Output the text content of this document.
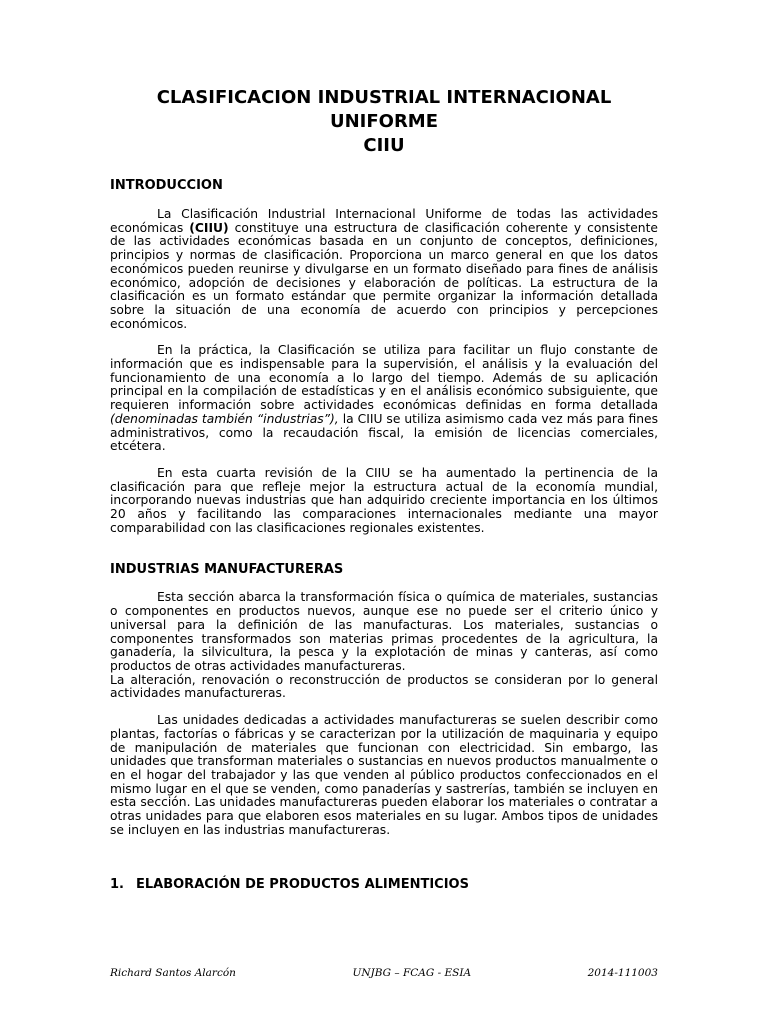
CLASIFICACION INDUSTRIAL INTERNACIONAL
UNIFORME
CIIU
INTRODUCCION

La Clasificación Industrial Internacional Uniforme de todas las actividades económicas (CIIU) constituye una estructura de clasificación coherente y consistente de las actividades económicas basada en un conjunto de conceptos, definiciones, principios y normas de clasificación. Proporciona un marco general en que los datos económicos pueden reunirse y divulgarse en un formato diseñado para fines de análisis económico, adopción de decisiones y elaboración de políticas. La estructura de la clasificación es un formato estándar que permite organizar la información detallada sobre la situación de una economía de acuerdo con principios y percepciones económicos.

En la práctica, la Clasificación se utiliza para facilitar un flujo constante de información que es indispensable para la supervisión, el análisis y la evaluación del funcionamiento de una economía a lo largo del tiempo. Además de su aplicación principal en la compilación de estadísticas y en el análisis económico subsiguiente, que requieren información sobre actividades económicas definidas en forma detallada (denominadas también “industrias”), la CIIU se utiliza asimismo cada vez más para fines administrativos, como la recaudación fiscal, la emisión de licencias comerciales, etcétera.

En esta cuarta revisión de la CIIU se ha aumentado la pertinencia de la clasificación para que refleje mejor la estructura actual de la economía mundial, incorporando nuevas industrias que han adquirido creciente importancia en los últimos 20 años y facilitando las comparaciones internacionales mediante una mayor comparabilidad con las clasificaciones regionales existentes.

INDUSTRIAS MANUFACTURERAS

Esta sección abarca la transformación física o química de materiales, sustancias o componentes en productos nuevos, aunque ese no puede ser el criterio único y universal para la definición de las manufacturas. Los materiales, sustancias o componentes transformados son materias primas procedentes de la agricultura, la ganadería, la silvicultura, la pesca y la explotación de minas y canteras, así como productos de otras actividades manufactureras.

La alteración, renovación o reconstrucción de productos se consideran por lo general actividades manufactureras.

Las unidades dedicadas a actividades manufactureras se suelen describir como plantas, factorías o fábricas y se caracterizan por la utilización de maquinaria y equipo de manipulación de materiales que funcionan con electricidad. Sin embargo, las unidades que transforman materiales o sustancias en nuevos productos manualmente o en el hogar del trabajador y las que venden al público productos confeccionados en el mismo lugar en el que se venden, como panaderías y sastrerías, también se incluyen en esta sección. Las unidades manufactureras pueden elaborar los materiales o contratar a otras unidades para que elaboren esos materiales en su lugar. Ambos tipos de unidades se incluyen en las industrias manufactureras.

1. ELABORACIÓN DE PRODUCTOS ALIMENTICIOS
Richard Santos Alarcón	UNJBG – FCAG - ESIA	2014-111003
